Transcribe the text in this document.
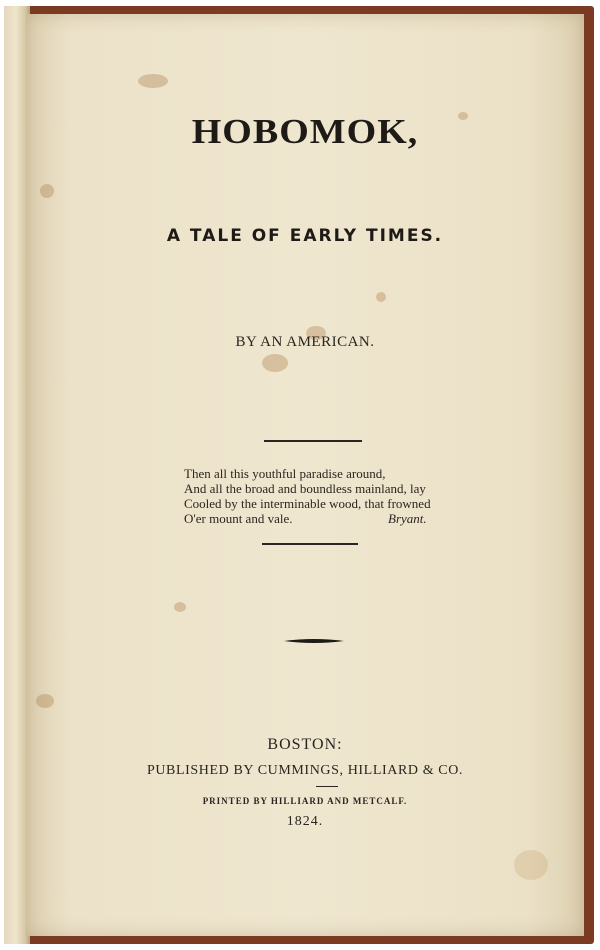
HOBOMOK,
A TALE OF EARLY TIMES.
BY AN AMERICAN.
Then all this youthful paradise around,
And all the broad and boundless mainland, lay
Cooled by the interminable wood, that frowned
O'er mount and vale.	Bryant.
BOSTON:
PUBLISHED BY CUMMINGS, HILLIARD & CO.
PRINTED BY HILLIARD AND METCALF.
1824.
